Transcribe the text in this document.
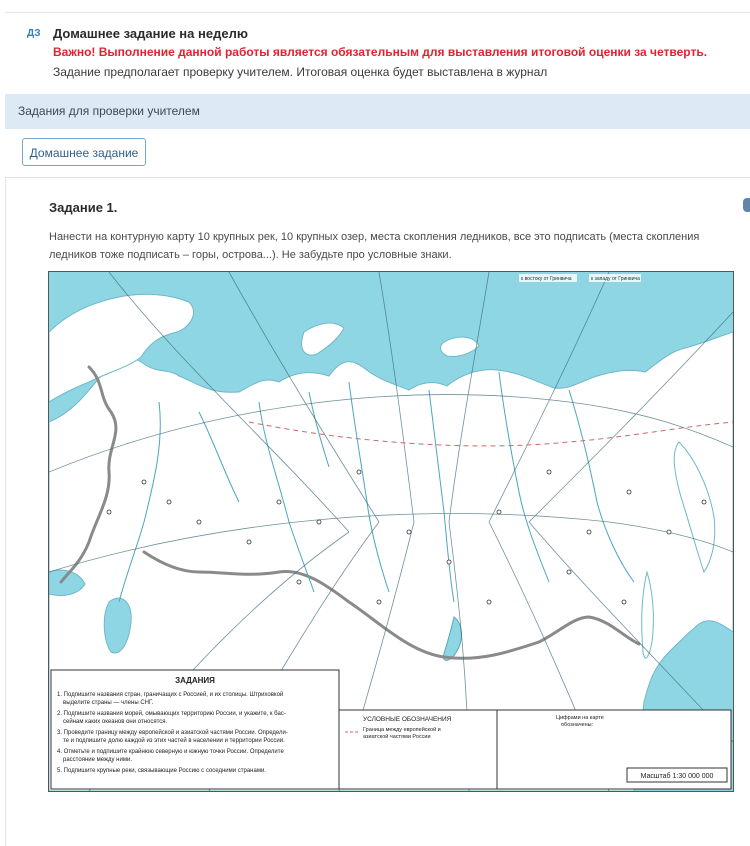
ДЗ Домашнее задание на неделю
Важно! Выполнение данной работы является обязательным для выставления итоговой оценки за четверть.
Задание предполагает проверку учителем. Итоговая оценка будет выставлена в журнал
Задания для проверки учителем
Домашнее задание
Задание 1.
Нанести на контурную карту 10 крупных рек, 10 крупных озер, места скопления ледников, все это подписать (места скопления ледников тоже подписать – горы, острова...). Не забудьте про условные знаки.
к востоку от Гринвича	к западу от Гринвича
ЗАДАНИЯ
1. Подпишите названия стран, граничащих с Россией, и их столицы. Штриховкой
выделите страны — члены СНГ.
2. Подпишите названия морей, омывающих территорию России, и укажите, к бас-
сейнам каких океанов они относятся.
3. Проведите границу между европейской и азиатской частями России. Определи-
те и подпишите долю каждой из этих частей в населении и территории России.
4. Отметьте и подпишите крайнюю северную и южную точки России. Определите
расстояние между ними.
5. Подпишите крупные реки, связывающие Россию с соседними странами.
УСЛОВНЫЕ ОБОЗНАЧЕНИЯ
Граница между европейской и
азиатской частями России
Цифрами на карте
обозначены:
Масштаб 1:30 000 000
